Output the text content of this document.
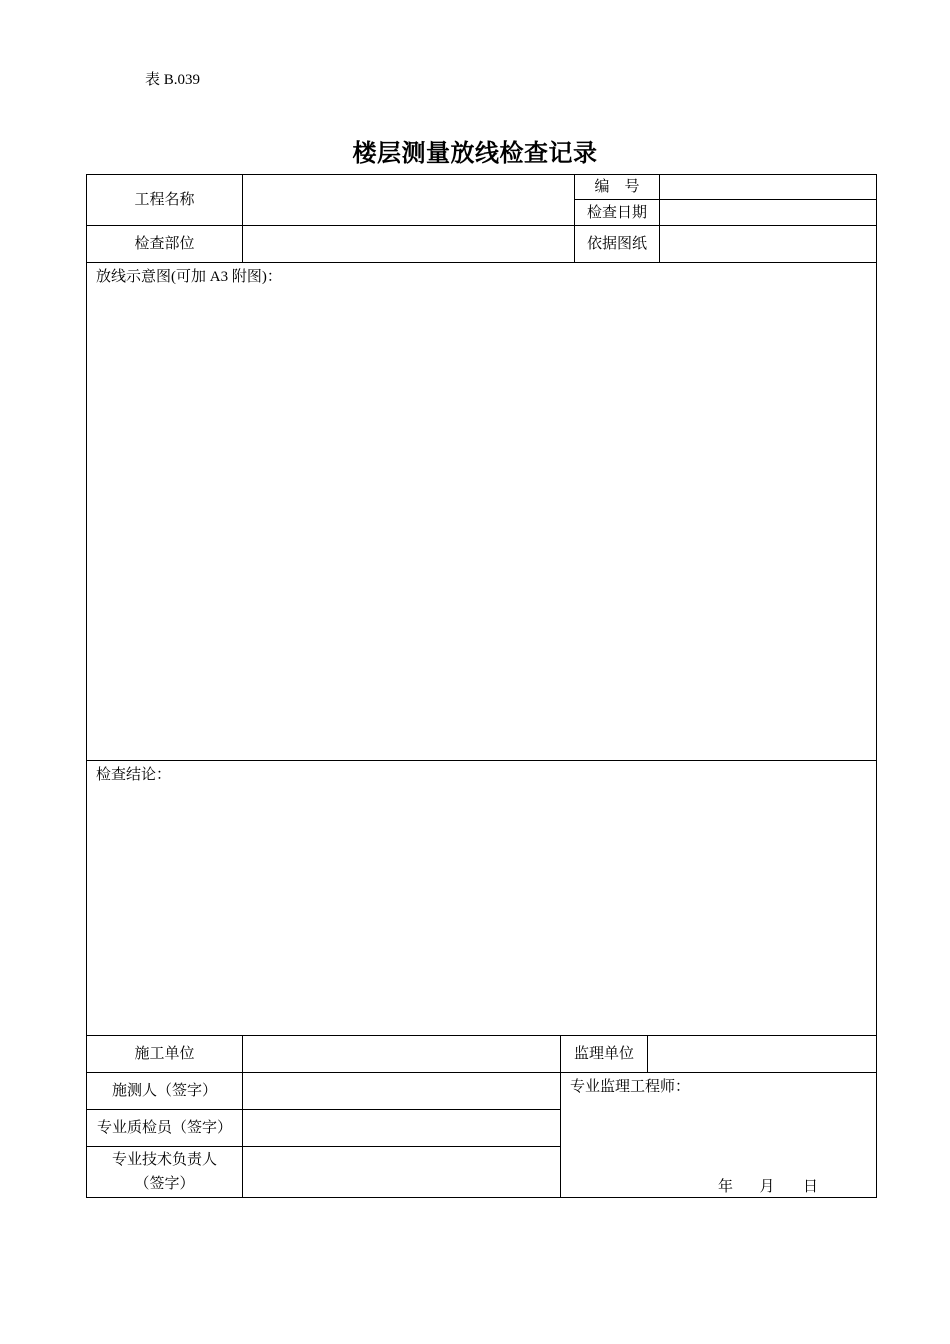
表 B.039
楼层测量放线检查记录
工程名称
编　号
检查日期
检查部位	依据图纸
放线示意图(可加 A3 附图)：
检查结论：
施工单位	监理单位
施测人（签字）
专业质检员（签字）
专业技术负责人
（签字）
专业监理工程师：
年 月 日
